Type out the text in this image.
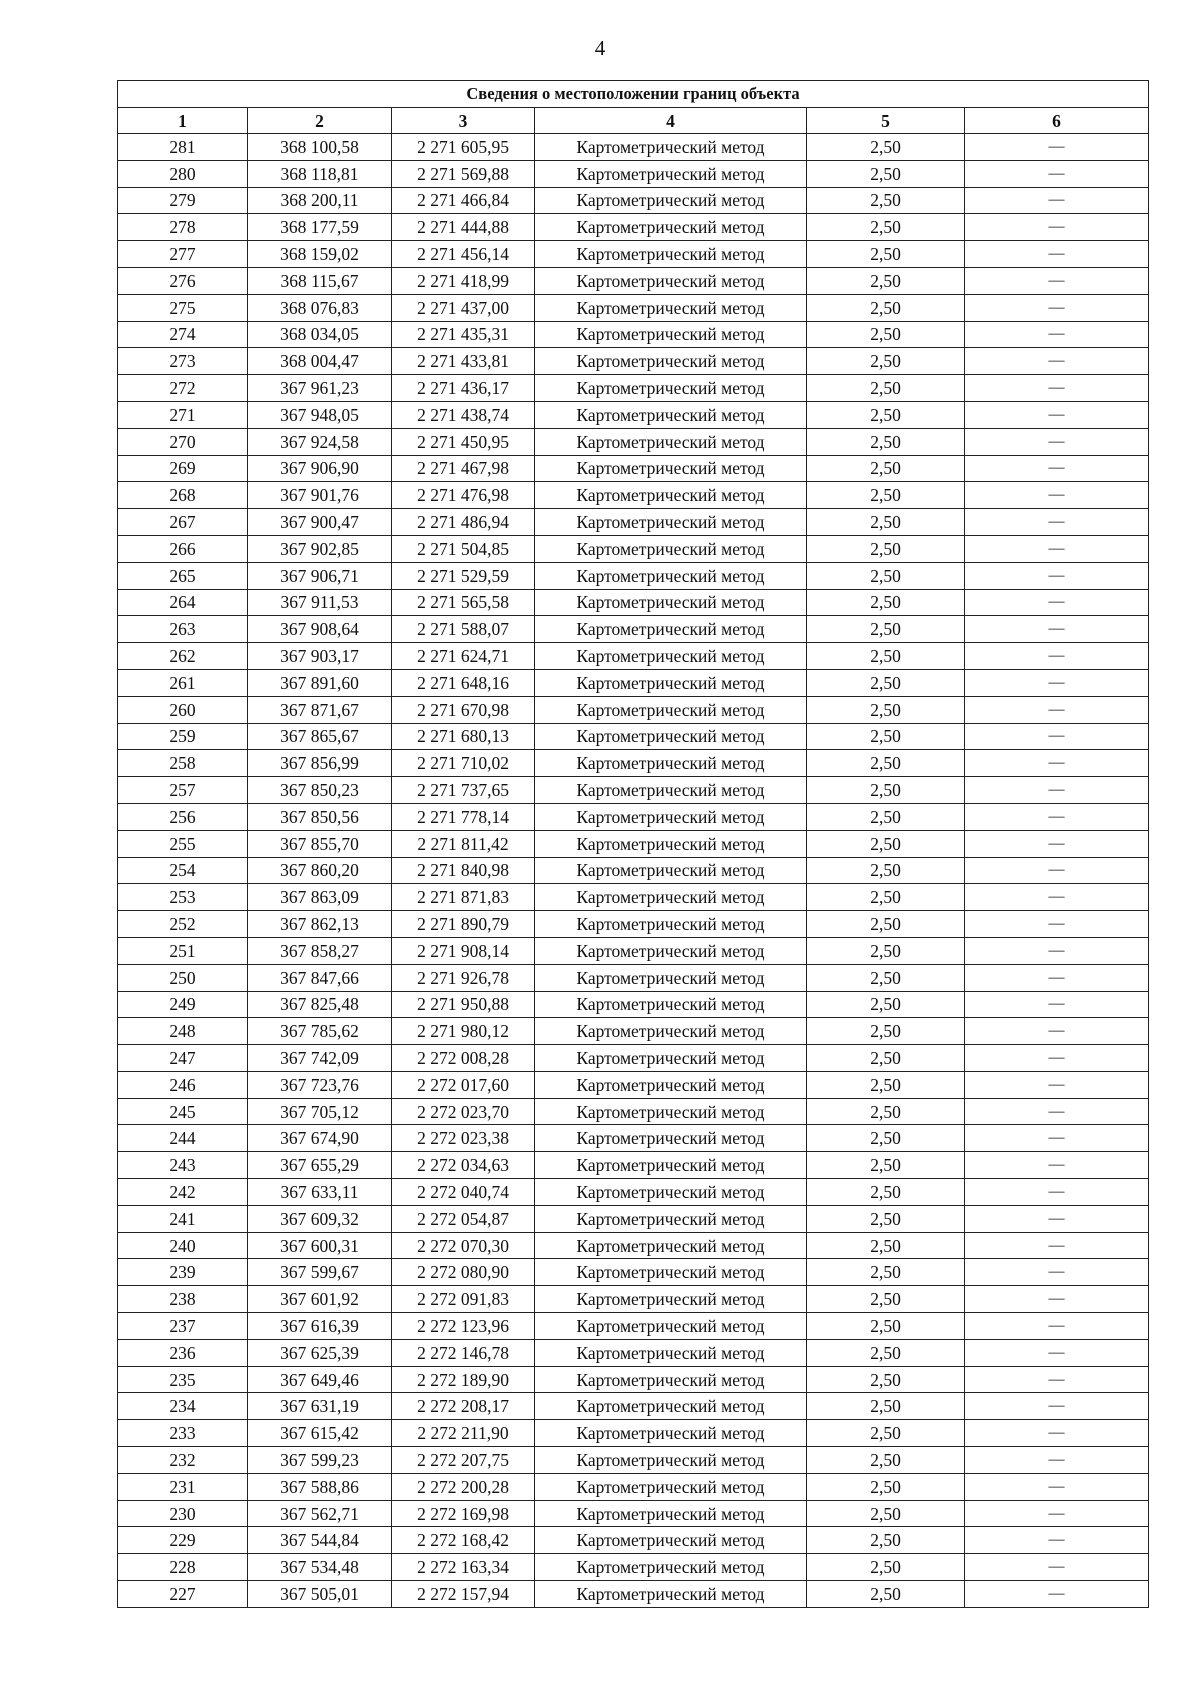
4
Сведения о местоположении границ объекта					
1	2	3	4	5	6
281	368 100,58	2 271 605,95	Картометрический метод	2,50	—
280	368 118,81	2 271 569,88	Картометрический метод	2,50	—
279	368 200,11	2 271 466,84	Картометрический метод	2,50	—
278	368 177,59	2 271 444,88	Картометрический метод	2,50	—
277	368 159,02	2 271 456,14	Картометрический метод	2,50	—
276	368 115,67	2 271 418,99	Картометрический метод	2,50	—
275	368 076,83	2 271 437,00	Картометрический метод	2,50	—
274	368 034,05	2 271 435,31	Картометрический метод	2,50	—
273	368 004,47	2 271 433,81	Картометрический метод	2,50	—
272	367 961,23	2 271 436,17	Картометрический метод	2,50	—
271	367 948,05	2 271 438,74	Картометрический метод	2,50	—
270	367 924,58	2 271 450,95	Картометрический метод	2,50	—
269	367 906,90	2 271 467,98	Картометрический метод	2,50	—
268	367 901,76	2 271 476,98	Картометрический метод	2,50	—
267	367 900,47	2 271 486,94	Картометрический метод	2,50	—
266	367 902,85	2 271 504,85	Картометрический метод	2,50	—
265	367 906,71	2 271 529,59	Картометрический метод	2,50	—
264	367 911,53	2 271 565,58	Картометрический метод	2,50	—
263	367 908,64	2 271 588,07	Картометрический метод	2,50	—
262	367 903,17	2 271 624,71	Картометрический метод	2,50	—
261	367 891,60	2 271 648,16	Картометрический метод	2,50	—
260	367 871,67	2 271 670,98	Картометрический метод	2,50	—
259	367 865,67	2 271 680,13	Картометрический метод	2,50	—
258	367 856,99	2 271 710,02	Картометрический метод	2,50	—
257	367 850,23	2 271 737,65	Картометрический метод	2,50	—
256	367 850,56	2 271 778,14	Картометрический метод	2,50	—
255	367 855,70	2 271 811,42	Картометрический метод	2,50	—
254	367 860,20	2 271 840,98	Картометрический метод	2,50	—
253	367 863,09	2 271 871,83	Картометрический метод	2,50	—
252	367 862,13	2 271 890,79	Картометрический метод	2,50	—
251	367 858,27	2 271 908,14	Картометрический метод	2,50	—
250	367 847,66	2 271 926,78	Картометрический метод	2,50	—
249	367 825,48	2 271 950,88	Картометрический метод	2,50	—
248	367 785,62	2 271 980,12	Картометрический метод	2,50	—
247	367 742,09	2 272 008,28	Картометрический метод	2,50	—
246	367 723,76	2 272 017,60	Картометрический метод	2,50	—
245	367 705,12	2 272 023,70	Картометрический метод	2,50	—
244	367 674,90	2 272 023,38	Картометрический метод	2,50	—
243	367 655,29	2 272 034,63	Картометрический метод	2,50	—
242	367 633,11	2 272 040,74	Картометрический метод	2,50	—
241	367 609,32	2 272 054,87	Картометрический метод	2,50	—
240	367 600,31	2 272 070,30	Картометрический метод	2,50	—
239	367 599,67	2 272 080,90	Картометрический метод	2,50	—
238	367 601,92	2 272 091,83	Картометрический метод	2,50	—
237	367 616,39	2 272 123,96	Картометрический метод	2,50	—
236	367 625,39	2 272 146,78	Картометрический метод	2,50	—
235	367 649,46	2 272 189,90	Картометрический метод	2,50	—
234	367 631,19	2 272 208,17	Картометрический метод	2,50	—
233	367 615,42	2 272 211,90	Картометрический метод	2,50	—
232	367 599,23	2 272 207,75	Картометрический метод	2,50	—
231	367 588,86	2 272 200,28	Картометрический метод	2,50	—
230	367 562,71	2 272 169,98	Картометрический метод	2,50	—
229	367 544,84	2 272 168,42	Картометрический метод	2,50	—
228	367 534,48	2 272 163,34	Картометрический метод	2,50	—
227	367 505,01	2 272 157,94	Картометрический метод	2,50	—
